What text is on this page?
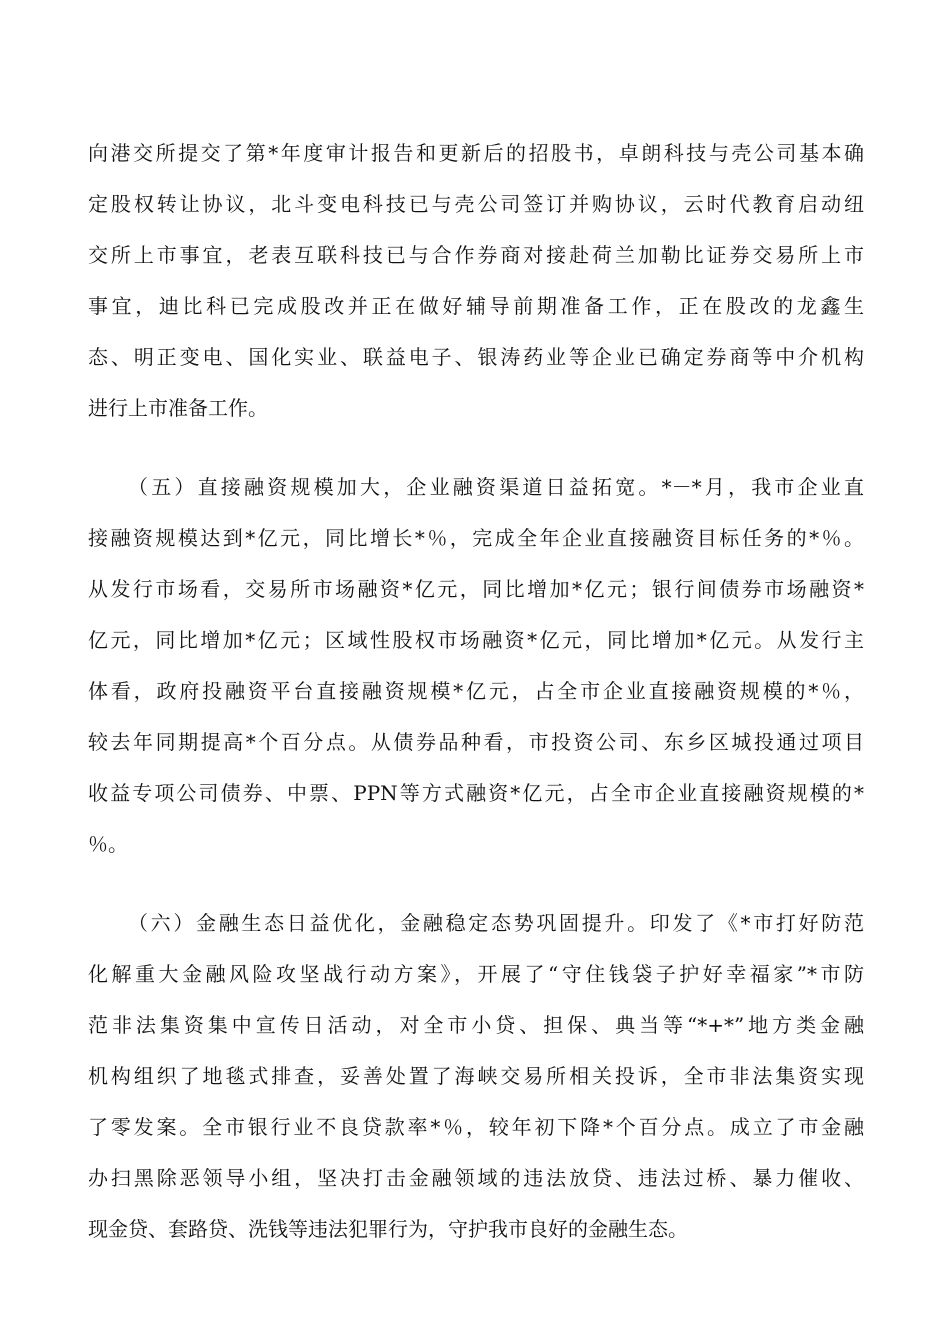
向港交所提交了第*年度审计报告和更新后的招股书，卓朗科技与壳公司基本确
定股权转让协议，北斗变电科技已与壳公司签订并购协议，云时代教育启动纽
交所上市事宜，老表互联科技已与合作券商对接赴荷兰加勒比证券交易所上市
事宜，迪比科已完成股改并正在做好辅导前期准备工作，正在股改的龙鑫生
态、明正变电、国化实业、联益电子、银涛药业等企业已确定券商等中介机构
进行上市准备工作。
（五）直接融资规模加大，企业融资渠道日益拓宽。*－*月，我市企业直
接融资规模达到*亿元，同比增长*％，完成全年企业直接融资目标任务的*％。
从发行市场看，交易所市场融资*亿元，同比增加*亿元；银行间债券市场融资*
亿元，同比增加*亿元；区域性股权市场融资*亿元，同比增加*亿元。从发行主
体看，政府投融资平台直接融资规模*亿元，占全市企业直接融资规模的*％，
较去年同期提高*个百分点。从债券品种看，市投资公司、东乡区城投通过项目
收益专项公司债券、中票、PPN等方式融资*亿元，占全市企业直接融资规模的*
％。
（六）金融生态日益优化，金融稳定态势巩固提升。印发了《*市打好防范
化解重大金融风险攻坚战行动方案》，开展了“守住钱袋子护好幸福家”*市防
范非法集资集中宣传日活动，对全市小贷、担保、典当等“*+*”地方类金融
机构组织了地毯式排查，妥善处置了海峡交易所相关投诉，全市非法集资实现
了零发案。全市银行业不良贷款率*％，较年初下降*个百分点。成立了市金融
办扫黑除恶领导小组，坚决打击金融领域的违法放贷、违法过桥、暴力催收、
现金贷、套路贷、洗钱等违法犯罪行为，守护我市良好的金融生态。
